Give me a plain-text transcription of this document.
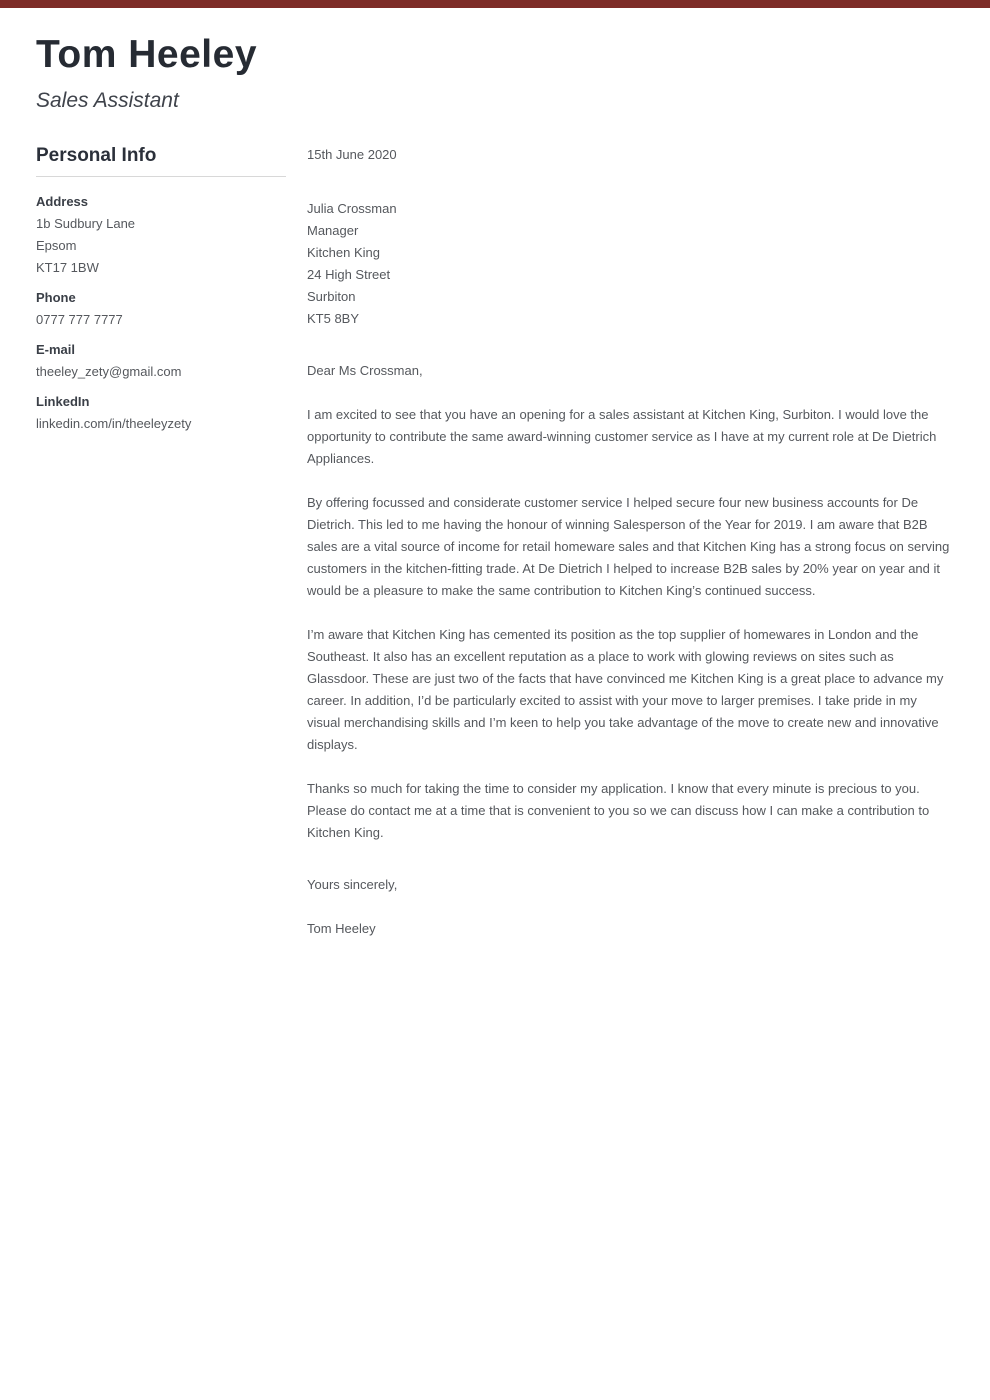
Tom Heeley
Sales Assistant
Personal Info
Address
1b Sudbury Lane
Epsom
KT17 1BW
Phone
0777 777 7777
E-mail
theeley_zety@gmail.com
LinkedIn
linkedin.com/in/theeleyzety
15th June 2020
Julia Crossman
Manager
Kitchen King
24 High Street
Surbiton
KT5 8BY
Dear Ms Crossman,

I am excited to see that you have an opening for a sales assistant at Kitchen King, Surbiton. I would love the opportunity to contribute the same award-winning customer service as I have at my current role at De Dietrich Appliances.

By offering focussed and considerate customer service I helped secure four new business accounts for De Dietrich. This led to me having the honour of winning Salesperson of the Year for 2019. I am aware that B2B sales are a vital source of income for retail homeware sales and that Kitchen King has a strong focus on serving customers in the kitchen-fitting trade. At De Dietrich I helped to increase B2B sales by 20% year on year and it would be a pleasure to make the same contribution to Kitchen King’s continued success.

I’m aware that Kitchen King has cemented its position as the top supplier of homewares in London and the Southeast. It also has an excellent reputation as a place to work with glowing reviews on sites such as Glassdoor. These are just two of the facts that have convinced me Kitchen King is a great place to advance my career. In addition, I’d be particularly excited to assist with your move to larger premises. I take pride in my visual merchandising skills and I’m keen to help you take advantage of the move to create new and innovative displays.

Thanks so much for taking the time to consider my application. I know that every minute is precious to you. Please do contact me at a time that is convenient to you so we can discuss how I can make a contribution to Kitchen King.

Yours sincerely,
Tom Heeley
